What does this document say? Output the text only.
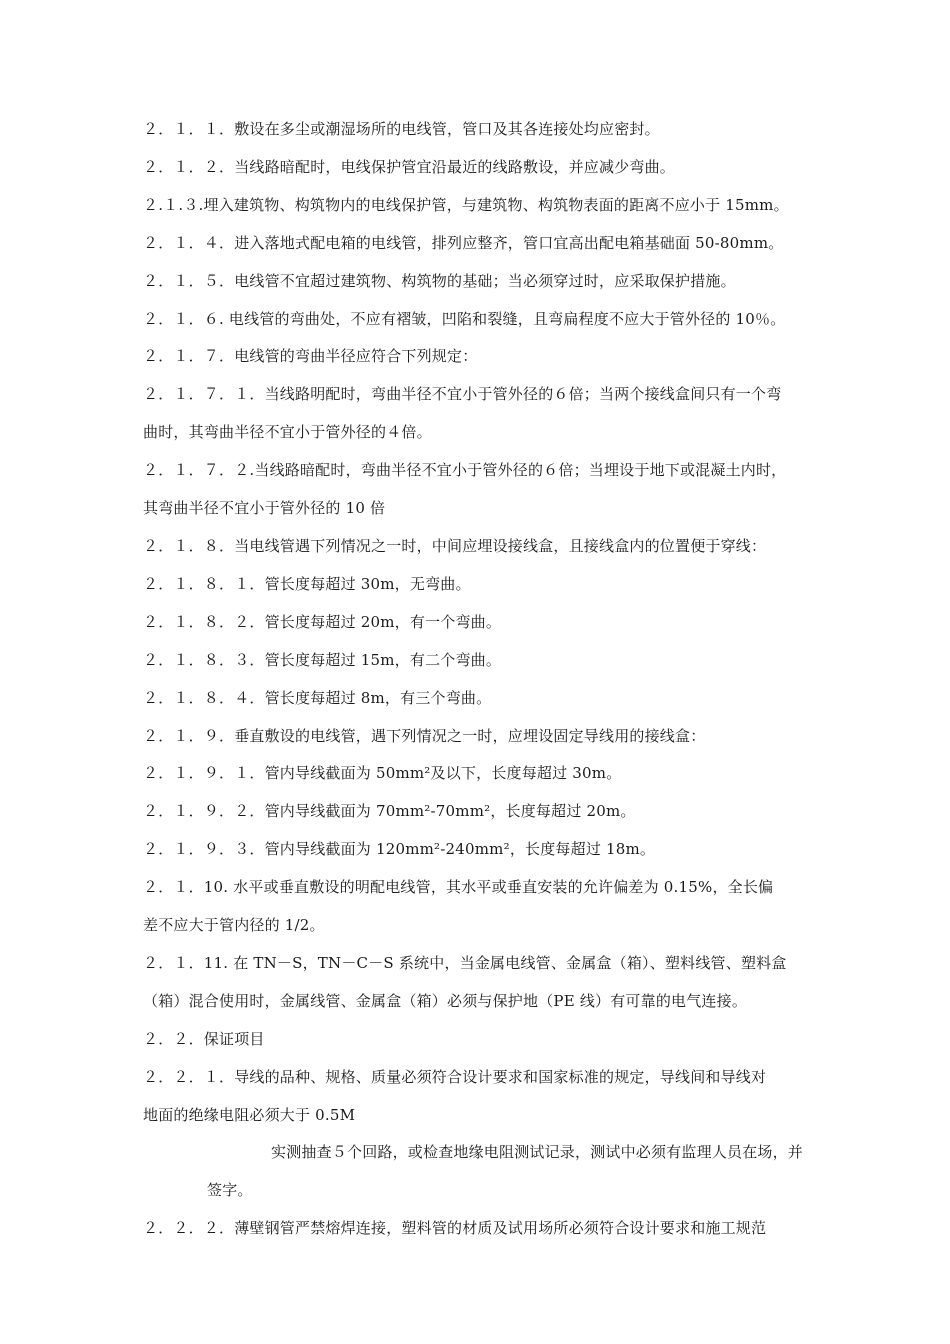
２．１．１．敷设在多尘或潮湿场所的电线管，管口及其各连接处均应密封。
２．１．２．当线路暗配时，电线保护管宜沿最近的线路敷设，并应减少弯曲。
２.１.３.埋入建筑物、构筑物内的电线保护管，与建筑物、构筑物表面的距离不应小于 15mm。
２．１．４．进入落地式配电箱的电线管，排列应整齐，管口宜高出配电箱基础面 50-80mm。
２．１．５．电线管不宜超过建筑物、构筑物的基础；当必须穿过时，应采取保护措施。
２．１．６. 电线管的弯曲处，不应有褶皱，凹陷和裂缝，且弯扁程度不应大于管外径的 10％。
２．１．７．电线管的弯曲半径应符合下列规定：
２．１．７．１．当线路明配时，弯曲半径不宜小于管外径的６倍；当两个接线盒间只有一个弯
曲时，其弯曲半径不宜小于管外径的４倍。
２．１．７．２.当线路暗配时，弯曲半径不宜小于管外径的６倍；当埋设于地下或混凝土内时，
其弯曲半径不宜小于管外径的 10 倍
２．１．８．当电线管遇下列情况之一时，中间应埋设接线盒，且接线盒内的位置便于穿线：
２．１．８．１．管长度每超过 30m，无弯曲。
２．１．８．２．管长度每超过 20m，有一个弯曲。
２．１．８．３．管长度每超过 15m，有二个弯曲。
２．１．８．４．管长度每超过 8m，有三个弯曲。
２．１．９．垂直敷设的电线管，遇下列情况之一时，应埋设固定导线用的接线盒：
２．１．９．１．管内导线截面为 50mm²及以下，长度每超过 30m。
２．１．９．２．管内导线截面为 70mm²-70mm²，长度每超过 20m。
２．１．９．３．管内导线截面为 120mm²-240mm²，长度每超过 18m。
２．１．10. 水平或垂直敷设的明配电线管，其水平或垂直安装的允许偏差为 0.15%，全长偏
差不应大于管内径的 1/2。
２．１．11. 在 TN－S，TN－C－S 系统中，当金属电线管、金属盒（箱）、塑料线管、塑料盒
（箱）混合使用时，金属线管、金属盒（箱）必须与保护地（PE 线）有可靠的电气连接。
２．２．保证项目
２．２．１．导线的品种、规格、质量必须符合设计要求和国家标准的规定，导线间和导线对
地面的绝缘电阻必须大于 0.5M
实测抽查５个回路，或检查地缘电阻测试记录，测试中必须有监理人员在场，并
签字。
２．２．２．薄壁钢管严禁熔焊连接，塑料管的材质及试用场所必须符合设计要求和施工规范
